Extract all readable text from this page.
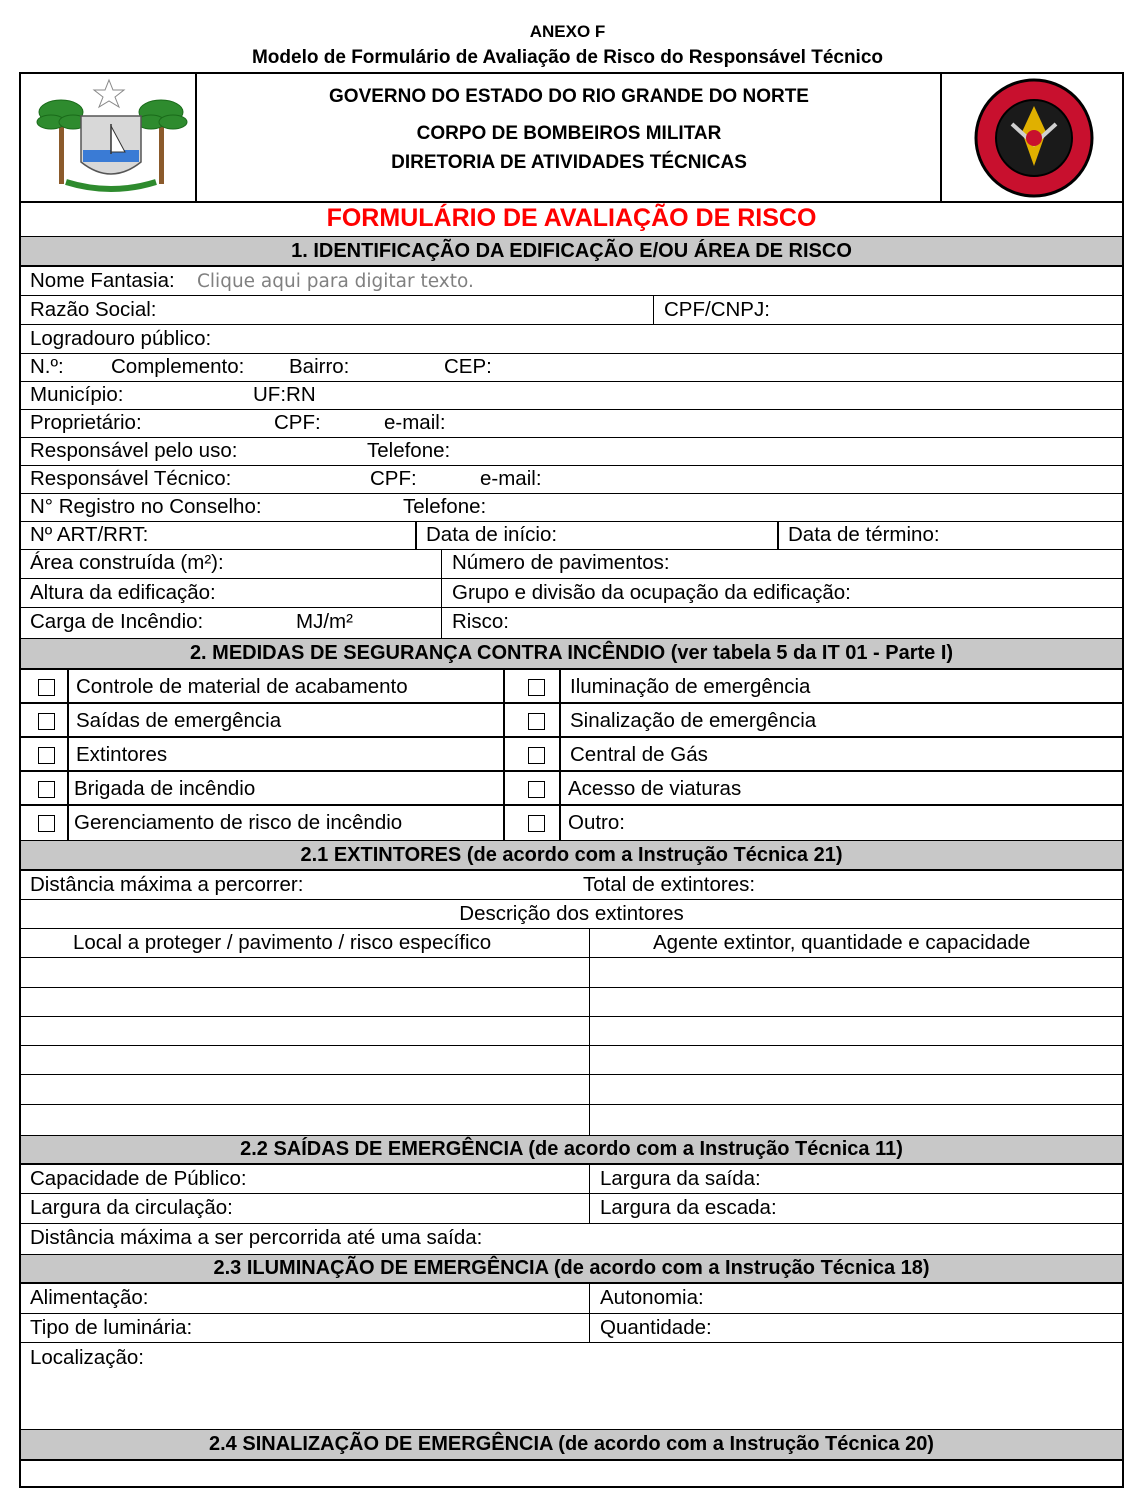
ANEXO F
Modelo de Formulário de Avaliação de Risco do Responsável Técnico
GOVERNO DO ESTADO DO RIO GRANDE DO NORTE
CORPO DE BOMBEIROS MILITAR
DIRETORIA DE ATIVIDADES TÉCNICAS
FORMULÁRIO DE AVALIAÇÃO DE RISCO
1. IDENTIFICAÇÃO DA EDIFICAÇÃO E/OU ÁREA DE RISCO
Nome Fantasia: Clique aqui para digitar texto.
Razão Social:	CPF/CNPJ:
Logradouro público:
N.º: Complemento: Bairro:	CEP:
Município:	UF:RN
Proprietário:	CPF:	e-mail:
Responsável pelo uso:	Telefone:
Responsável Técnico:	CPF:	e-mail:
N° Registro no Conselho:	Telefone:
Nº ART/RRT:	Data de início:	Data de término:
Área construída (m²):	Número de pavimentos:
Altura da edificação:	Grupo e divisão da ocupação da edificação:
Carga de Incêndio:	MJ/m²	Risco:
2. MEDIDAS DE SEGURANÇA CONTRA INCÊNDIO (ver tabela 5 da IT 01 - Parte I)
Controle de material de acabamento	Iluminação de emergência
Saídas de emergência	Sinalização de emergência
Extintores	Central de Gás
Brigada de incêndio	Acesso de viaturas
Gerenciamento de risco de incêndio	Outro:
2.1 EXTINTORES (de acordo com a Instrução Técnica 21)
Distância máxima a percorrer:	Total de extintores:
Descrição dos extintores
Local a proteger / pavimento / risco específico	Agente extintor, quantidade e capacidade
2.2 SAÍDAS DE EMERGÊNCIA (de acordo com a Instrução Técnica 11)
Capacidade de Público:	Largura da saída:
Largura da circulação:	Largura da escada:
Distância máxima a ser percorrida até uma saída:
2.3 ILUMINAÇÃO DE EMERGÊNCIA (de acordo com a Instrução Técnica 18)
Alimentação:	Autonomia:
Tipo de luminária:	Quantidade:
Localização:
2.4 SINALIZAÇÃO DE EMERGÊNCIA (de acordo com a Instrução Técnica 20)
